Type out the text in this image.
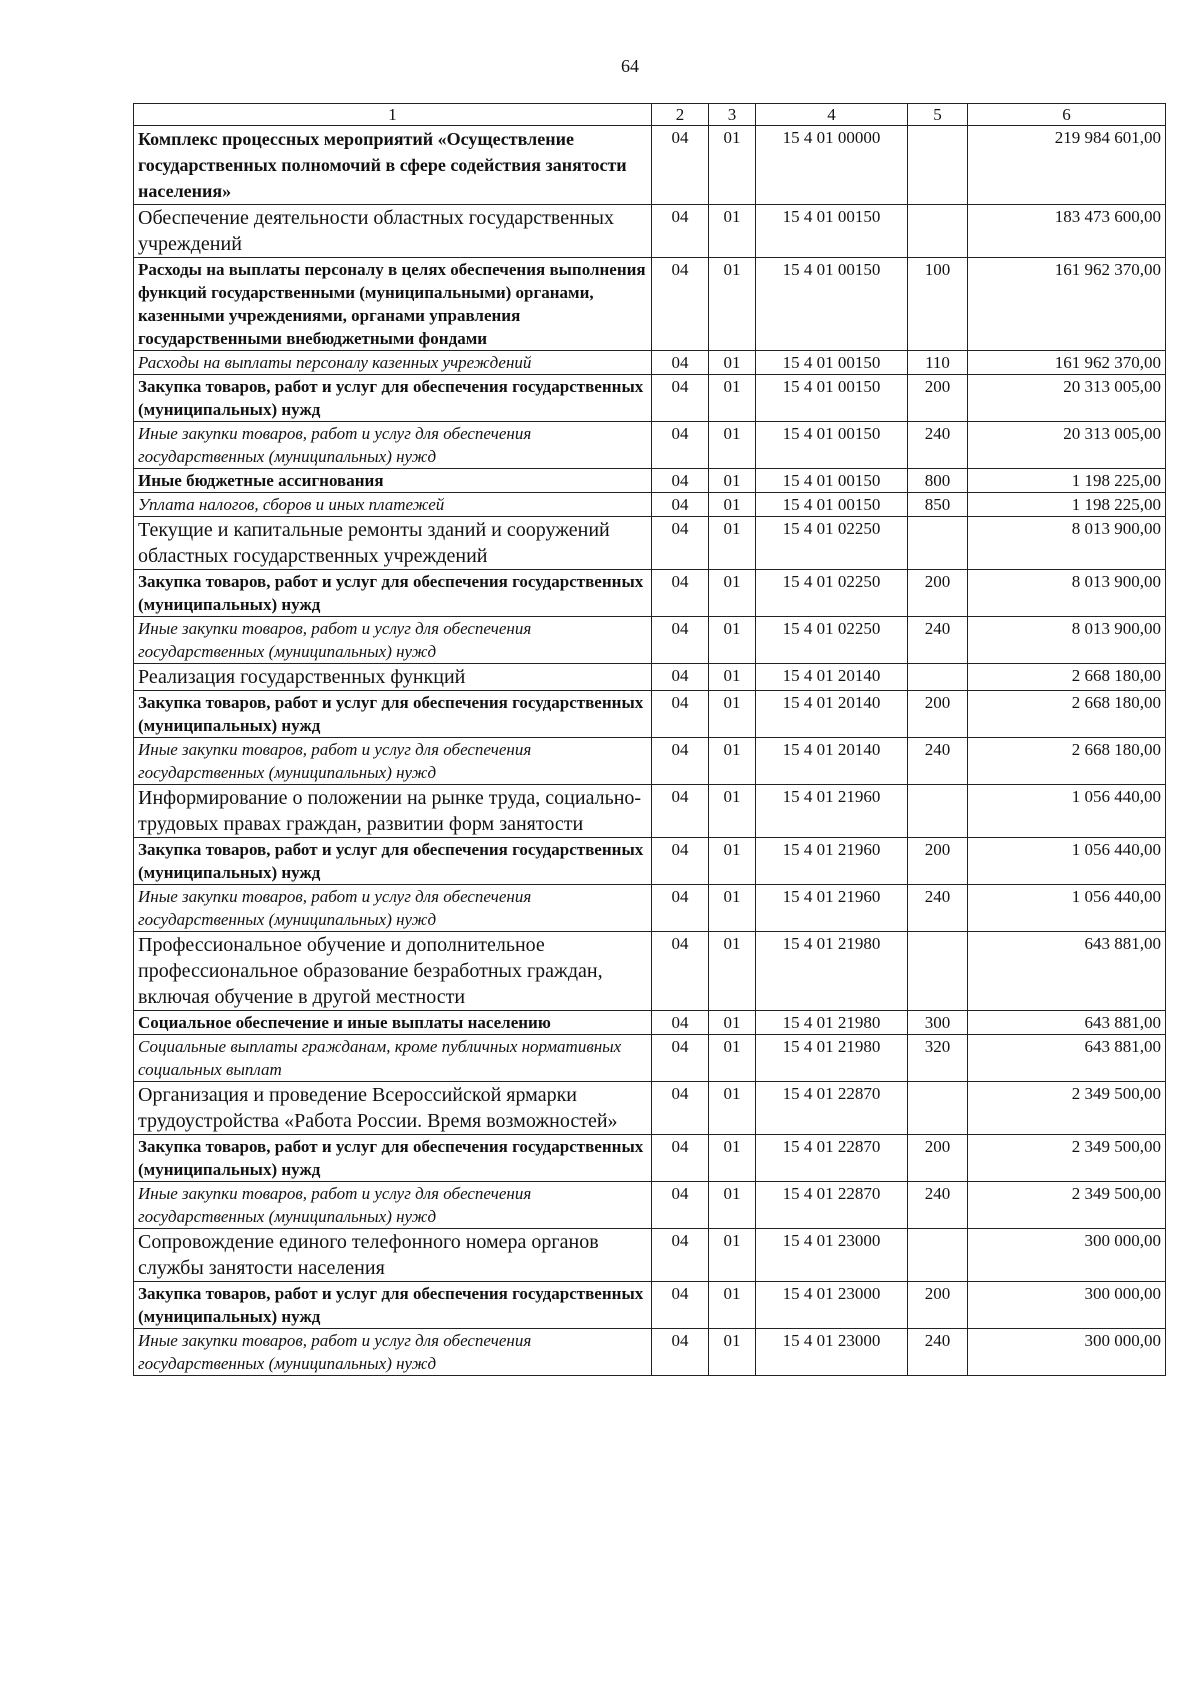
64
1	2	3	4	5	6
Комплекс процессных мероприятий «Осуществление государственных полномочий в сфере содействия занятости населения»	04	01	15 4 01 00000		219 984 601,00
Обеспечение деятельности областных государственных учреждений	04	01	15 4 01 00150		183 473 600,00
Расходы на выплаты персоналу в целях обеспечения выполнения функций государственными (муниципальными) органами, казенными учреждениями, органами управления государственными внебюджетными фондами	04	01	15 4 01 00150	100	161 962 370,00
Расходы на выплаты персоналу казенных учреждений	04	01	15 4 01 00150	110	161 962 370,00
Закупка товаров, работ и услуг для обеспечения государственных (муниципальных) нужд	04	01	15 4 01 00150	200	20 313 005,00
Иные закупки товаров, работ и услуг для обеспечения государственных (муниципальных) нужд	04	01	15 4 01 00150	240	20 313 005,00
Иные бюджетные ассигнования	04	01	15 4 01 00150	800	1 198 225,00
Уплата налогов, сборов и иных платежей	04	01	15 4 01 00150	850	1 198 225,00
Текущие и капитальные ремонты зданий и сооружений областных государственных учреждений	04	01	15 4 01 02250		8 013 900,00
Закупка товаров, работ и услуг для обеспечения государственных (муниципальных) нужд	04	01	15 4 01 02250	200	8 013 900,00
Иные закупки товаров, работ и услуг для обеспечения государственных (муниципальных) нужд	04	01	15 4 01 02250	240	8 013 900,00
Реализация государственных функций	04	01	15 4 01 20140		2 668 180,00
Закупка товаров, работ и услуг для обеспечения государственных (муниципальных) нужд	04	01	15 4 01 20140	200	2 668 180,00
Иные закупки товаров, работ и услуг для обеспечения государственных (муниципальных) нужд	04	01	15 4 01 20140	240	2 668 180,00
Информирование о положении на рынке труда, социально-трудовых правах граждан, развитии форм занятости	04	01	15 4 01 21960		1 056 440,00
Закупка товаров, работ и услуг для обеспечения государственных (муниципальных) нужд	04	01	15 4 01 21960	200	1 056 440,00
Иные закупки товаров, работ и услуг для обеспечения государственных (муниципальных) нужд	04	01	15 4 01 21960	240	1 056 440,00
Профессиональное обучение и дополнительное профессиональное образование безработных граждан, включая обучение в другой местности	04	01	15 4 01 21980		643 881,00
Социальное обеспечение и иные выплаты населению	04	01	15 4 01 21980	300	643 881,00
Социальные выплаты гражданам, кроме публичных нормативных социальных выплат	04	01	15 4 01 21980	320	643 881,00
Организация и проведение Всероссийской ярмарки трудоустройства «Работа России. Время возможностей»	04	01	15 4 01 22870		2 349 500,00
Закупка товаров, работ и услуг для обеспечения государственных (муниципальных) нужд	04	01	15 4 01 22870	200	2 349 500,00
Иные закупки товаров, работ и услуг для обеспечения государственных (муниципальных) нужд	04	01	15 4 01 22870	240	2 349 500,00
Сопровождение единого телефонного номера органов службы занятости населения	04	01	15 4 01 23000		300 000,00
Закупка товаров, работ и услуг для обеспечения государственных (муниципальных) нужд	04	01	15 4 01 23000	200	300 000,00
Иные закупки товаров, работ и услуг для обеспечения государственных (муниципальных) нужд	04	01	15 4 01 23000	240	300 000,00
